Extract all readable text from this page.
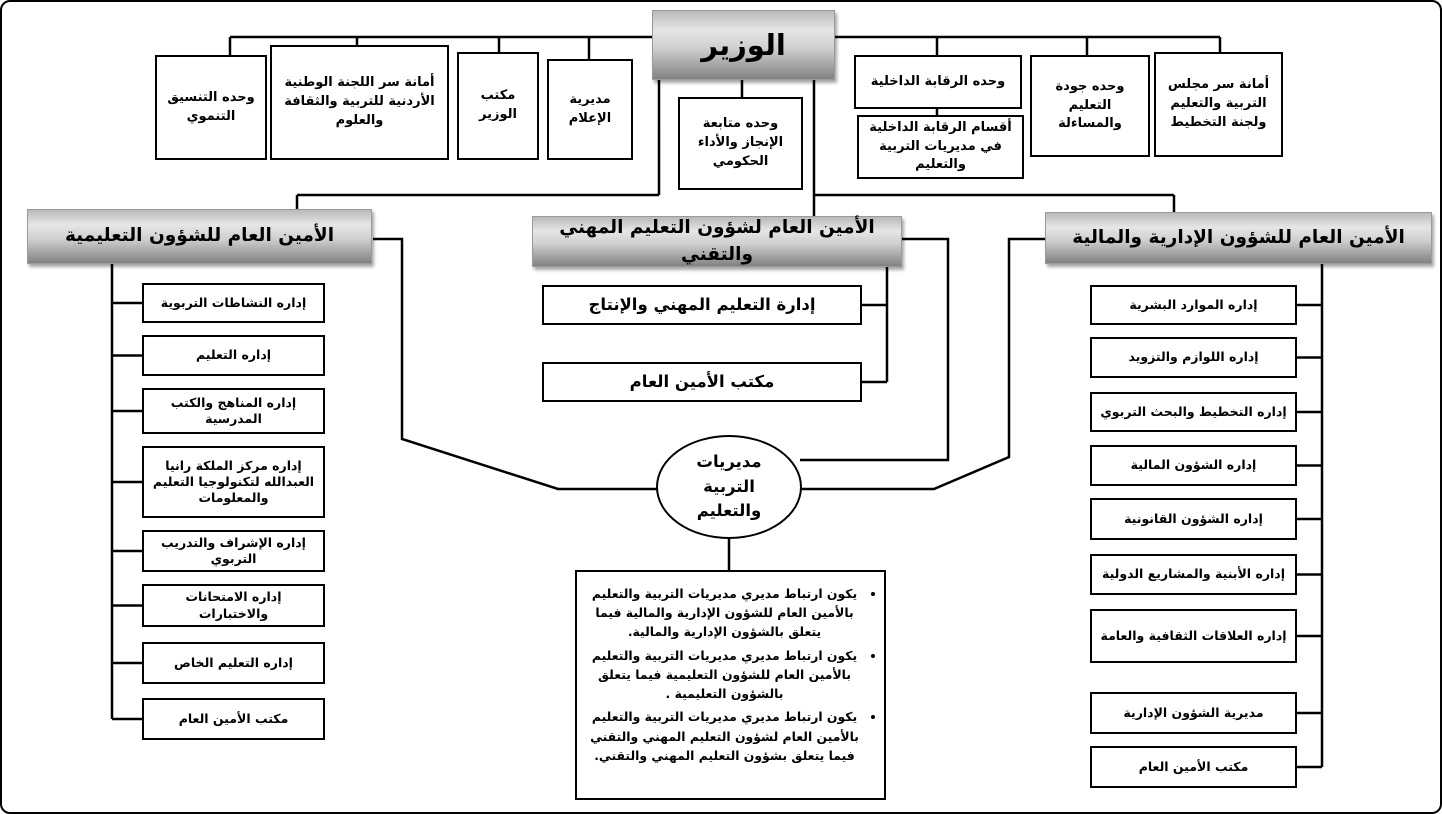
الوزير
وحده التنسيق التنموي
أمانة سر اللجنة الوطنية الأردنية للتربية والثقافة والعلوم
مكتب الوزير
مديرية الإعلام	وحده متابعة الإنجاز والأداء الحكومي
وحده الرقابة الداخلية
أقسام الرقابة الداخلية في مديريات التربية والتعليم
وحده جودة التعليم والمساءلة
أمانة سر مجلس التربية والتعليم ولجنة التخطيط
الأمين العام للشؤون التعليمية	الأمين العام لشؤون التعليم المهني والتقني
الأمين العام للشؤون الإدارية والمالية
إداره النشاطات التربوية
إداره التعليم
إداره المناهج والكتب المدرسية
إداره مركز الملكة رانيا العبدالله لتكنولوجيا التعليم والمعلومات
إداره الإشراف والتدريب التربوي
إداره الامتحانات والاختبارات
إداره التعليم الخاص
مكتب الأمين العام
إدارة التعليم المهني والإنتاج
مكتب الأمين العام
مديريات التربية والتعليم
• يكون ارتباط مديري مديريات التربية والتعليم بالأمين العام للشؤون الإدارية والمالية فيما يتعلق بالشؤون الإدارية والمالية.
• يكون ارتباط مديري مديريات التربية والتعليم بالأمين العام للشؤون التعليمية فيما يتعلق بالشؤون التعليمية .
• يكون ارتباط مديري مديريات التربية والتعليم بالأمين العام لشؤون التعليم المهني والتقني فيما يتعلق بشؤون التعليم المهني والتقني.
إداره الموارد البشرية
إداره اللوازم والتزويد
إداره التخطيط والبحث التربوي
إداره الشؤون المالية
إداره الشؤون القانونية
إداره الأبنية والمشاريع الدولية
إداره العلاقات الثقافية والعامة
مديرية الشؤون الإدارية
مكتب الأمين العام
